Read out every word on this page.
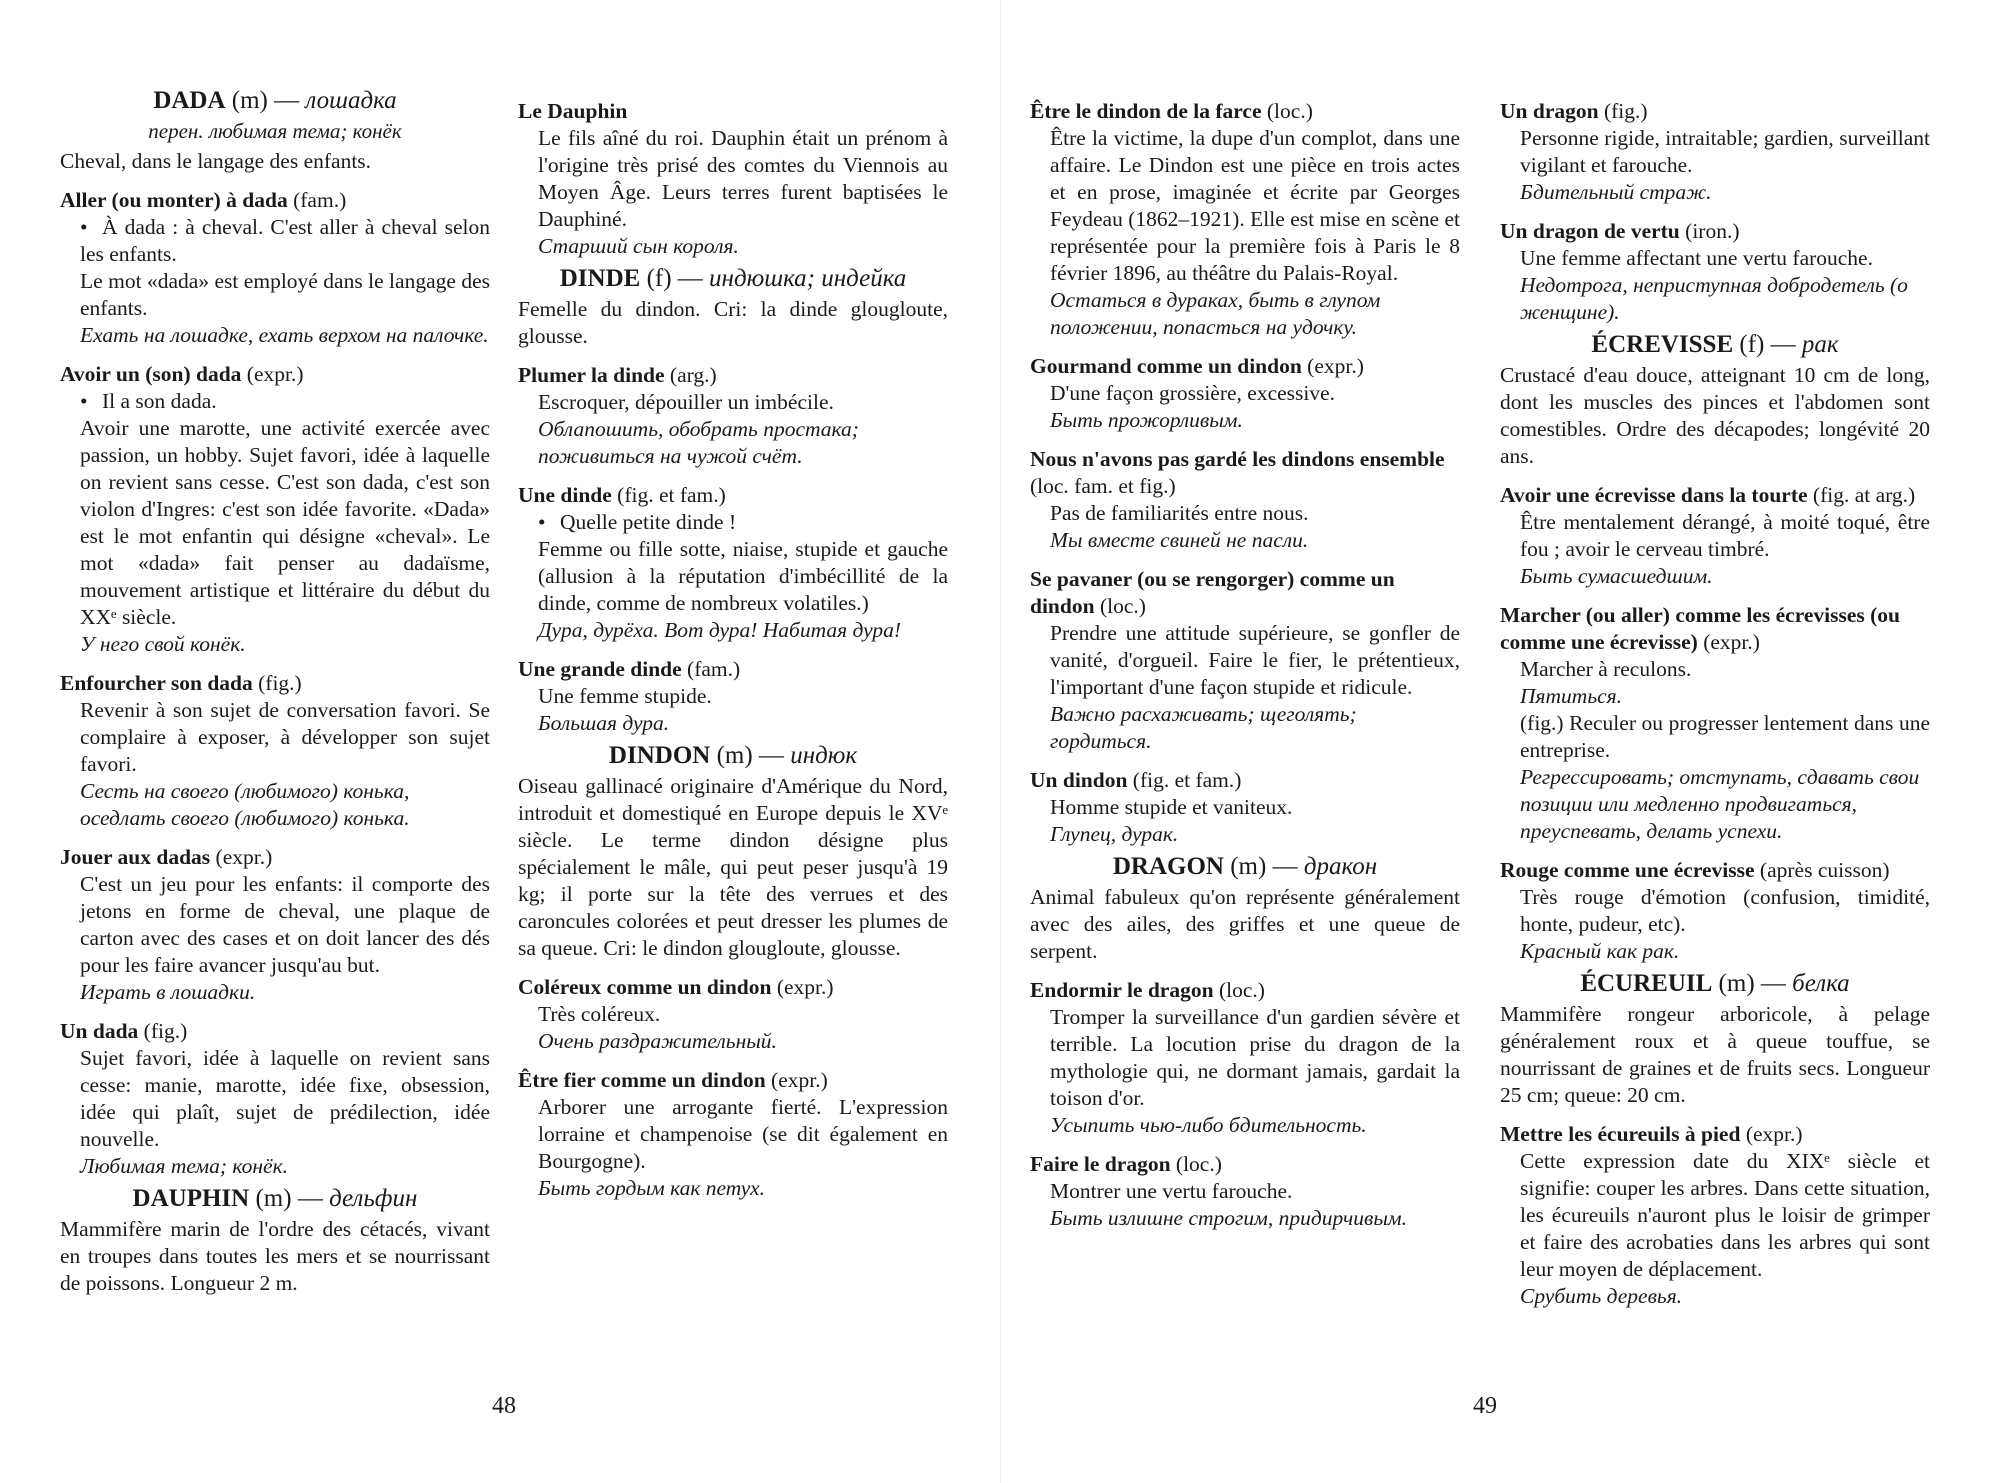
DADA (m) — лошадка
перен. любимая тема; конёк

Cheval, dans le langage des enfants.

Aller (ou monter) à dada (fam.)

• À dada : à cheval. C'est aller à cheval selon les enfants.

Le mot «dada» est employé dans le langage des enfants.

Ехать на лошадке, ехать верхом на палочке.

Avoir un (son) dada (expr.)

• Il a son dada.

Avoir une marotte, une activité exercée avec passion, un hobby. Sujet favori, idée à laquelle on revient sans cesse. C'est son dada, c'est son violon d'Ingres: c'est son idée favorite. «Dada» est le mot enfantin qui désigne «cheval». Le mot «dada» fait penser au dadaïsme, mouvement artistique et littéraire du début du XXᵉ siècle.

У него свой конёк.

Enfourcher son dada (fig.)

Revenir à son sujet de conversation favori. Se complaire à exposer, à développer son sujet favori.

Сесть на своего (любимого) конька, оседлать своего (любимого) конька.

Jouer aux dadas (expr.)

C'est un jeu pour les enfants: il comporte des jetons en forme de cheval, une plaque de carton avec des cases et on doit lancer des dés pour les faire avancer jusqu'au but.

Играть в лошадки.

Un dada (fig.)

Sujet favori, idée à laquelle on revient sans cesse: manie, marotte, idée fixe, obsession, idée qui plaît, sujet de prédilection, idée nouvelle.

Любимая тема; конёк.

DAUPHIN (m) — дельфин

Mammifère marin de l'ordre des cétacés, vivant en troupes dans toutes les mers et se nourrissant de poissons. Longueur 2 m.

Le Dauphin

Le fils aîné du roi. Dauphin était un prénom à l'origine très prisé des comtes du Viennois au Moyen Âge. Leurs terres furent baptisées le Dauphiné.

Старший сын короля.

DINDE (f) — индюшка; индейка

Femelle du dindon. Cri: la dinde glougloute, glousse.

Plumer la dinde (arg.)

Escroquer, dépouiller un imbécile.

Облапошить, обобрать простака; поживиться на чужой счёт.

Une dinde (fig. et fam.)

• Quelle petite dinde !

Femme ou fille sotte, niaise, stupide et gauche (allusion à la réputation d'imbécillité de la dinde, comme de nombreux volatiles.)

Дура, дурёха. Вот дура! Набитая дура!

Une grande dinde (fam.)

Une femme stupide.

Большая дура.

DINDON (m) — индюк

Oiseau gallinacé originaire d'Amérique du Nord, introduit et domestiqué en Europe depuis le XVᵉ siècle. Le terme dindon désigne plus spécialement le mâle, qui peut peser jusqu'à 19 kg; il porte sur la tête des verrues et des caroncules colorées et peut dresser les plumes de sa queue. Cri: le dindon glougloute, glousse.

Coléreux comme un dindon (expr.)

Très coléreux.

Очень раздражительный.

Être fier comme un dindon (expr.)

Arborer une arrogante fierté. L'expression lorraine et champenoise (se dit également en Bourgogne).

Быть гордым как петух.

Être le dindon de la farce (loc.)

Être la victime, la dupe d'un complot, dans une affaire. Le Dindon est une pièce en trois actes et en prose, imaginée et écrite par Georges Feydeau (1862–1921). Elle est mise en scène et représentée pour la première fois à Paris le 8 février 1896, au théâtre du Palais-Royal.

Остаться в дураках, быть в глупом положении, попасться на удочку.

Gourmand comme un dindon (expr.)

D'une façon grossière, excessive.

Быть прожорливым.

Nous n'avons pas gardé les dindons ensemble (loc. fam. et fig.)

Pas de familiarités entre nous.

Мы вместе свиней не пасли.

Se pavaner (ou se rengorger) comme un dindon (loc.)

Prendre une attitude supérieure, se gonfler de vanité, d'orgueil. Faire le fier, le prétentieux, l'important d'une façon stupide et ridicule.

Важно расхаживать; щеголять; гордиться.

Un dindon (fig. et fam.)

Homme stupide et vaniteux.

Глупец, дурак.

DRAGON (m) — дракон

Animal fabuleux qu'on représente généralement avec des ailes, des griffes et une queue de serpent.

Endormir le dragon (loc.)

Tromper la surveillance d'un gardien sévère et terrible. La locution prise du dragon de la mythologie qui, ne dormant jamais, gardait la toison d'or.

Усыпить чью-либо бдительность.

Faire le dragon (loc.)

Montrer une vertu farouche.

Быть излишне строгим, придирчивым.

Un dragon (fig.)

Personne rigide, intraitable; gardien, surveillant vigilant et farouche.

Бдительный страж.

Un dragon de vertu (iron.)

Une femme affectant une vertu farouche.

Недотрога, неприступная добродетель (о женщине).

ÉCREVISSE (f) — рак

Crustacé d'eau douce, atteignant 10 cm de long, dont les muscles des pinces et l'abdomen sont comestibles. Ordre des décapodes; longévité 20 ans.

Avoir une écrevisse dans la tourte (fig. at arg.)

Être mentalement dérangé, à moité toqué, être fou ; avoir le cerveau timbré.

Быть сумасшедшим.

Marcher (ou aller) comme les écrevisses (ou comme une écrevisse) (expr.)

Marcher à reculons.

Пятиться.

(fig.) Reculer ou progresser lentement dans une entreprise.

Регрессировать; отступать, сдавать свои позиции или медленно продвигаться, преуспевать, делать успехи.

Rouge comme une écrevisse (après cuisson)

Très rouge d'émotion (confusion, timidité, honte, pudeur, etc).

Красный как рак.

ÉCUREUIL (m) — белка

Mammifère rongeur arboricole, à pelage généralement roux et à queue touffue, se nourrissant de graines et de fruits secs. Longueur 25 cm; queue: 20 cm.

Mettre les écureuils à pied (expr.)

Cette expression date du XIXᵉ siècle et signifie: couper les arbres. Dans cette situation, les écureuils n'auront plus le loisir de grimper et faire des acrobaties dans les arbres qui sont leur moyen de déplacement.

Срубить деревья.

48	49
